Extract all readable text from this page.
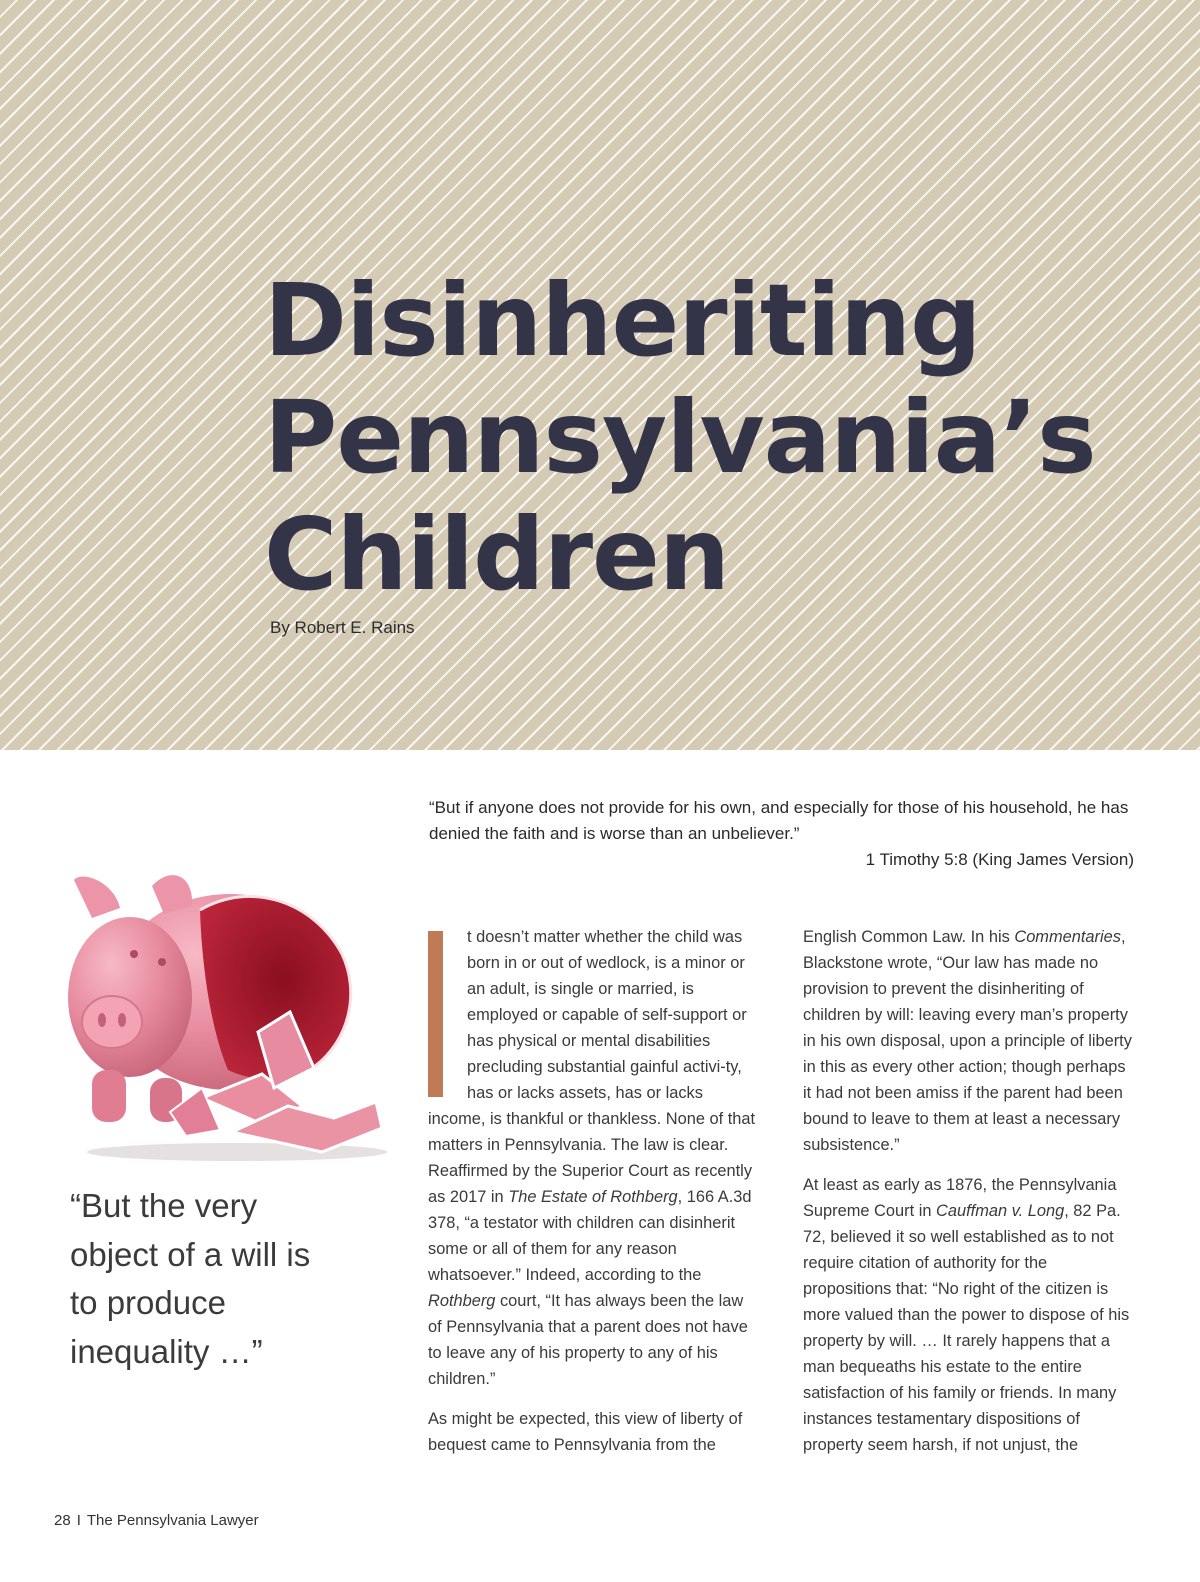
Disinheriting
Pennsylvania’s
Children
By Robert E. Rains
“But if anyone does not provide for his own, and especially for those of his household, he has denied the faith and is worse than an unbeliever.”
1 Timothy 5:8 (King James Version)
“But the very object of a will is to produce inequality …”

t doesn’t matter whether the child was born in or out of wedlock, is a minor or an adult, is single or married, is employed or capable of self-support or has physical or mental disabilities precluding substantial gainful activi-ty, has or lacks assets, has or lacks income, is thankful or thankless. None of that matters in Pennsylvania. The law is clear. Reaffirmed by the Superior Court as recently as 2017 in The Estate of Rothberg, 166 A.3d 378, “a testator with children can disinherit some or all of them for any reason whatsoever.” Indeed, according to the Rothberg court, “It has always been the law of Pennsylvania that a parent does not have to leave any of his property to any of his children.”

As might be expected, this view of liberty of bequest came to Pennsylvania from the

English Common Law. In his Commentaries, Blackstone wrote, “Our law has made no provision to prevent the disinheriting of children by will: leaving every man’s property in his own disposal, upon a principle of liberty in this as every other action; though perhaps it had not been amiss if the parent had been bound to leave to them at least a necessary subsistence.”

At least as early as 1876, the Pennsylvania Supreme Court in Cauffman v. Long, 82 Pa. 72, believed it so well established as to not require citation of authority for the propositions that: “No right of the citizen is more valued than the power to dispose of his property by will. … It rarely happens that a man bequeaths his estate to the entire satisfaction of his family or friends. In many instances testamentary dispositions of property seem harsh, if not unjust, the

28 I The Pennsylvania Lawyer
